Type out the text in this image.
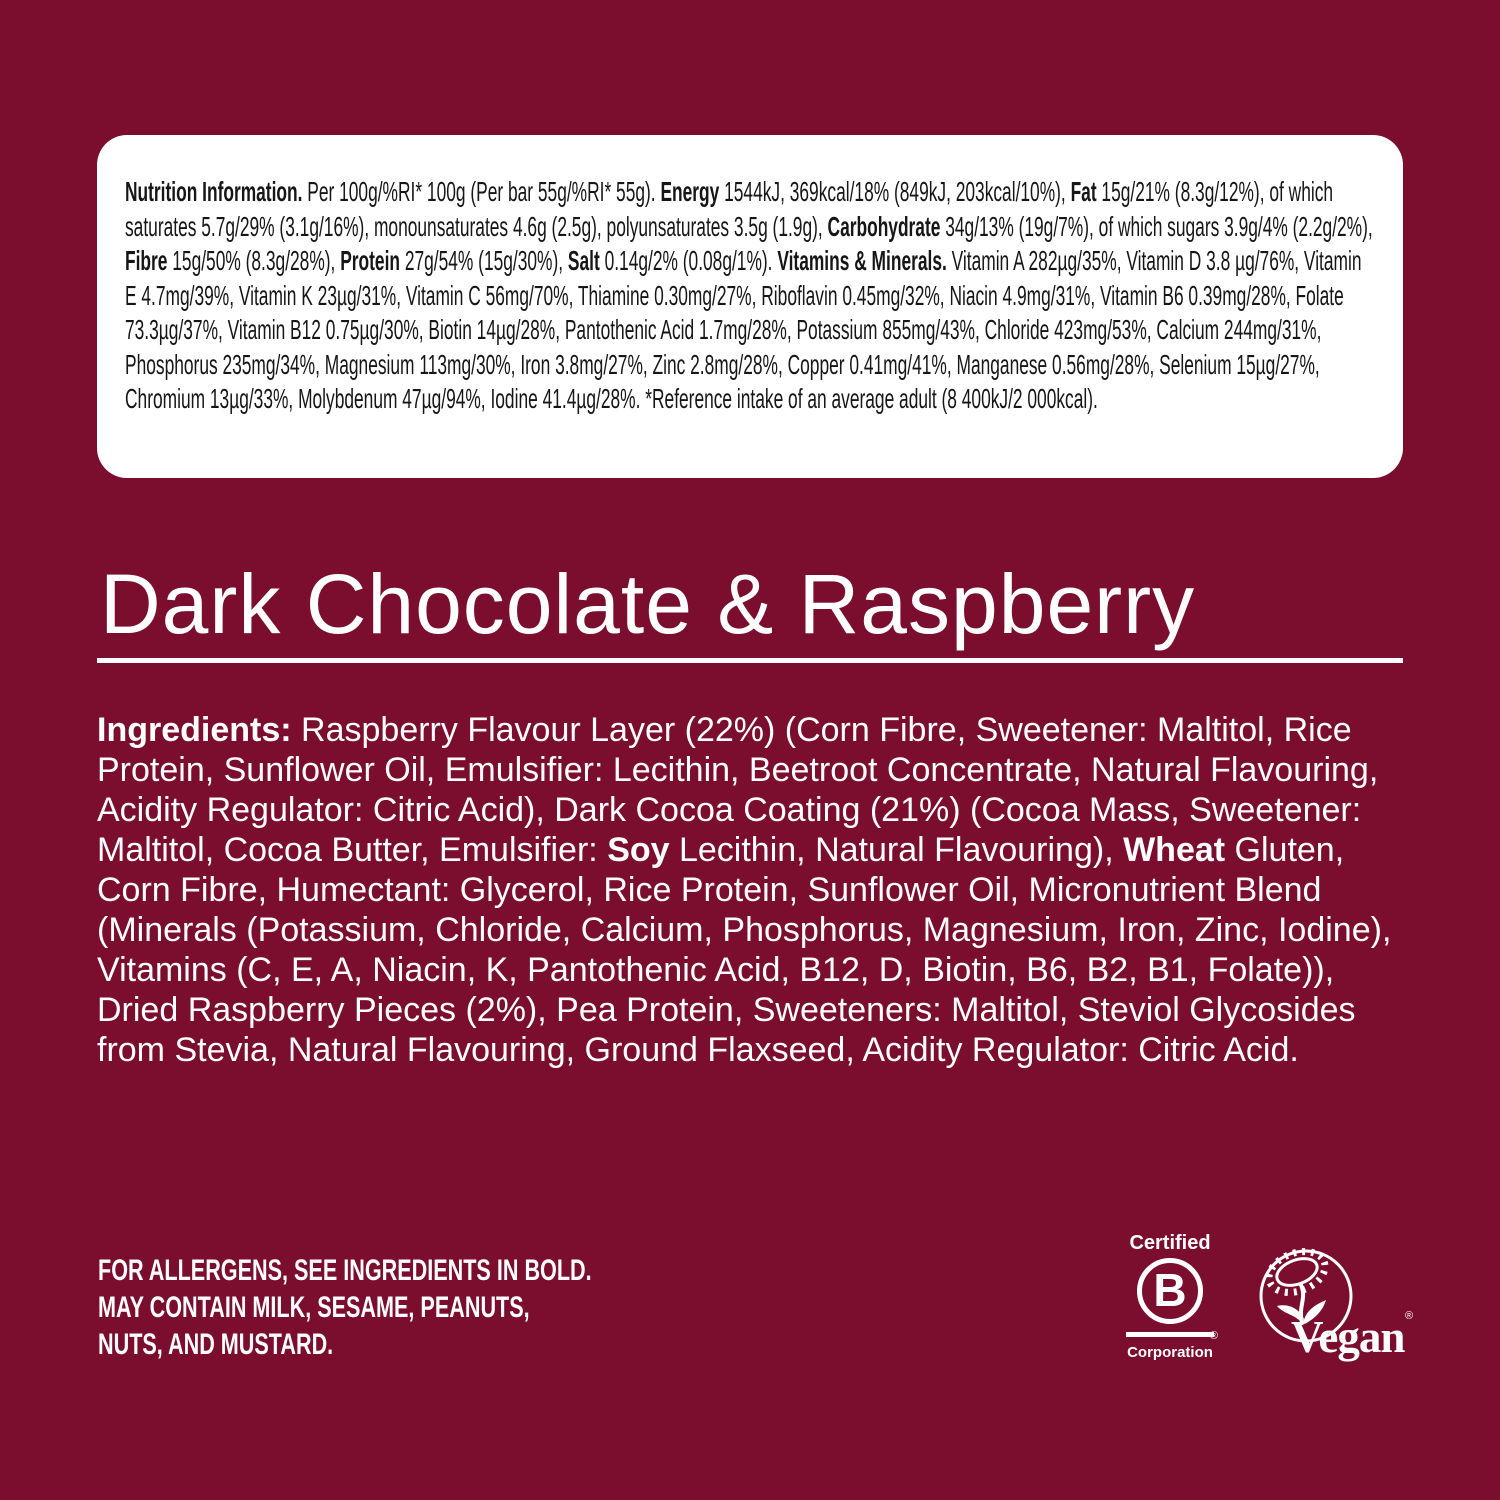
Nutrition Information. Per 100g/%RI* 100g (Per bar 55g/%RI* 55g). Energy 1544kJ, 369kcal/18% (849kJ, 203kcal/10%), Fat 15g/21% (8.3g/12%), of which saturates 5.7g/29% (3.1g/16%), monounsaturates 4.6g (2.5g), polyunsaturates 3.5g (1.9g), Carbohydrate 34g/13% (19g/7%), of which sugars 3.9g/4% (2.2g/2%), Fibre 15g/50% (8.3g/28%), Protein 27g/54% (15g/30%), Salt 0.14g/2% (0.08g/1%). Vitamins & Minerals. Vitamin A 282µg/35%, Vitamin D 3.8 µg/76%, Vitamin E 4.7mg/39%, Vitamin K 23µg/31%, Vitamin C 56mg/70%, Thiamine 0.30mg/27%, Riboflavin 0.45mg/32%, Niacin 4.9mg/31%, Vitamin B6 0.39mg/28%, Folate 73.3µg/37%, Vitamin B12 0.75µg/30%, Biotin 14µg/28%, Pantothenic Acid 1.7mg/28%, Potassium 855mg/43%, Chloride 423mg/53%, Calcium 244mg/31%, Phosphorus 235mg/34%, Magnesium 113mg/30%, Iron 3.8mg/27%, Zinc 2.8mg/28%, Copper 0.41mg/41%, Manganese 0.56mg/28%, Selenium 15µg/27%, Chromium 13µg/33%, Molybdenum 47µg/94%, Iodine 41.4µg/28%. *Reference intake of an average adult (8 400kJ/2 000kcal).

Dark Chocolate & Raspberry

Ingredients: Raspberry Flavour Layer (22%) (Corn Fibre, Sweetener: Maltitol, Rice Protein, Sunflower Oil, Emulsifier: Lecithin, Beetroot Concentrate, Natural Flavouring, Acidity Regulator: Citric Acid), Dark Cocoa Coating (21%) (Cocoa Mass, Sweetener: Maltitol, Cocoa Butter, Emulsifier: Soy Lecithin, Natural Flavouring), Wheat Gluten, Corn Fibre, Humectant: Glycerol, Rice Protein, Sunflower Oil, Micronutrient Blend (Minerals (Potassium, Chloride, Calcium, Phosphorus, Magnesium, Iron, Zinc, Iodine), Vitamins (C, E, A, Niacin, K, Pantothenic Acid, B12, D, Biotin, B6, B2, B1, Folate)), Dried Raspberry Pieces (2%), Pea Protein, Sweeteners: Maltitol, Steviol Glycosides from Stevia, Natural Flavouring, Ground Flaxseed, Acidity Regulator: Citric Acid.

FOR ALLERGENS, SEE INGREDIENTS IN BOLD.
MAY CONTAIN MILK, SESAME, PEANUTS,
NUTS, AND MUSTARD.
Certified
B
®
Corporation Vegan ®
